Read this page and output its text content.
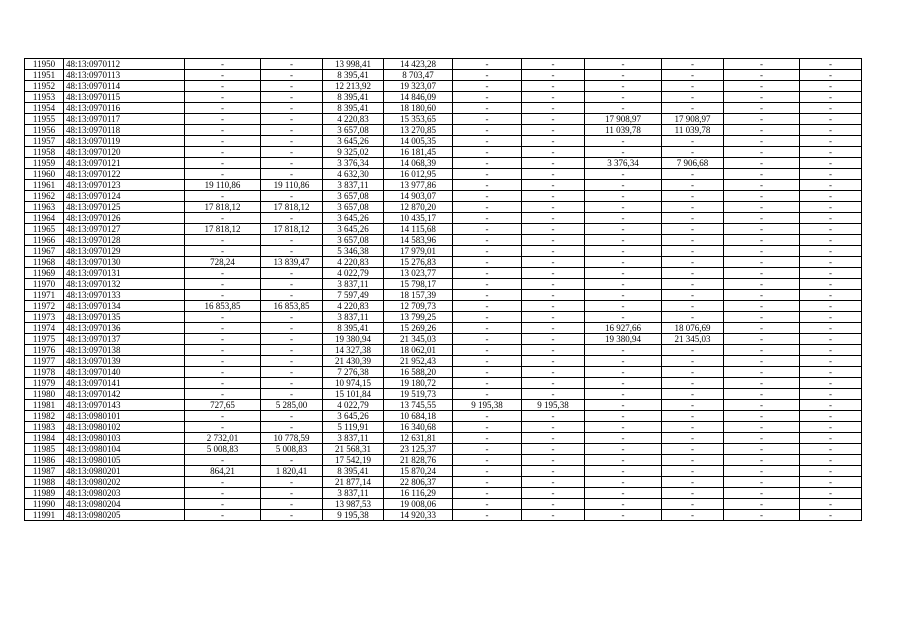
11950	48:13:0970112	-	-	13 998,41	14 423,28	-	-	-	-	-	-
11951	48:13:0970113	-	-	8 395,41	8 703,47	-	-	-	-	-	-
11952	48:13:0970114	-	-	12 213,92	19 323,07	-	-	-	-	-	-
11953	48:13:0970115	-	-	8 395,41	14 846,09	-	-	-	-	-	-
11954	48:13:0970116	-	-	8 395,41	18 180,60	-	-	-	-	-	-
11955	48:13:0970117	-	-	4 220,83	15 353,65	-	-	17 908,97	17 908,97	-	-
11956	48:13:0970118	-	-	3 657,08	13 270,85	-	-	11 039,78	11 039,78	-	-
11957	48:13:0970119	-	-	3 645,26	14 005,35	-	-	-	-	-	-
11958	48:13:0970120	-	-	9 325,02	16 181,45	-	-	-	-	-	-
11959	48:13:0970121	-	-	3 376,34	14 068,39	-	-	3 376,34	7 906,68	-	-
11960	48:13:0970122	-	-	4 632,30	16 012,95	-	-	-	-	-	-
11961	48:13:0970123	19 110,86	19 110,86	3 837,11	13 977,86	-	-	-	-	-	-
11962	48:13:0970124	-	-	3 657,08	14 903,07	-	-	-	-	-	-
11963	48:13:0970125	17 818,12	17 818,12	3 657,08	12 870,20	-	-	-	-	-	-
11964	48:13:0970126	-	-	3 645,26	10 435,17	-	-	-	-	-	-
11965	48:13:0970127	17 818,12	17 818,12	3 645,26	14 115,68	-	-	-	-	-	-
11966	48:13:0970128	-	-	3 657,08	14 583,96	-	-	-	-	-	-
11967	48:13:0970129	-	-	5 346,38	17 979,01	-	-	-	-	-	-
11968	48:13:0970130	728,24	13 839,47	4 220,83	15 276,83	-	-	-	-	-	-
11969	48:13:0970131	-	-	4 022,79	13 023,77	-	-	-	-	-	-
11970	48:13:0970132	-	-	3 837,11	15 798,17	-	-	-	-	-	-
11971	48:13:0970133	-	-	7 597,49	18 157,39	-	-	-	-	-	-
11972	48:13:0970134	16 853,85	16 853,85	4 220,83	12 709,73	-	-	-	-	-	-
11973	48:13:0970135	-	-	3 837,11	13 799,25	-	-	-	-	-	-
11974	48:13:0970136	-	-	8 395,41	15 269,26	-	-	16 927,66	18 076,69	-	-
11975	48:13:0970137	-	-	19 380,94	21 345,03	-	-	19 380,94	21 345,03	-	-
11976	48:13:0970138	-	-	14 327,38	18 062,01	-	-	-	-	-	-
11977	48:13:0970139	-	-	21 430,39	21 952,43	-	-	-	-	-	-
11978	48:13:0970140	-	-	7 276,38	16 588,20	-	-	-	-	-	-
11979	48:13:0970141	-	-	10 974,15	19 180,72	-	-	-	-	-	-
11980	48:13:0970142	-	-	15 101,84	19 519,73	-	-	-	-	-	-
11981	48:13:0970143	727,65	5 285,00	4 022,79	13 745,55	9 195,38	9 195,38	-	-	-	-
11982	48:13:0980101	-	-	3 645,26	10 684,18	-	-	-	-	-	-
11983	48:13:0980102	-	-	5 119,91	16 340,68	-	-	-	-	-	-
11984	48:13:0980103	2 732,01	10 778,59	3 837,11	12 631,81	-	-	-	-	-	-
11985	48:13:0980104	5 008,83	5 008,83	21 568,31	23 125,37	-	-	-	-	-	-
11986	48:13:0980105	-	-	17 542,19	21 828,76	-	-	-	-	-	-
11987	48:13:0980201	864,21	1 820,41	8 395,41	15 870,24	-	-	-	-	-	-
11988	48:13:0980202	-	-	21 877,14	22 806,37	-	-	-	-	-	-
11989	48:13:0980203	-	-	3 837,11	16 116,29	-	-	-	-	-	-
11990	48:13:0980204	-	-	13 987,53	19 008,06	-	-	-	-	-	-
11991	48:13:0980205	-	-	9 195,38	14 920,33	-	-	-	-	-	-
